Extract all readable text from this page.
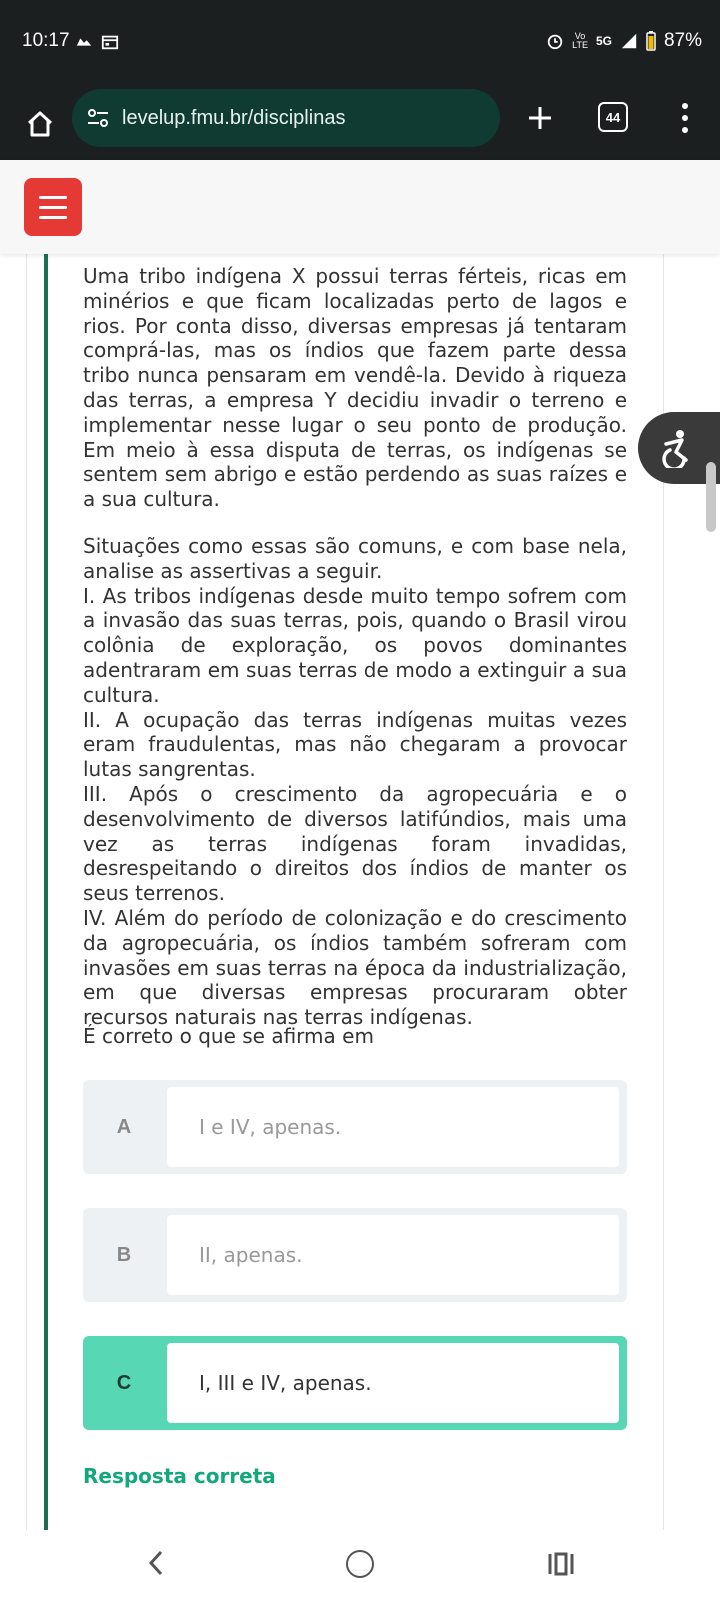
10:17	Vo
LTE 5G	87%
levelup.fmu.br/disciplinas	44

Uma tribo indígena X possui terras férteis, ricas em minérios e que ficam localizadas perto de lagos e rios. Por conta disso, diversas empresas já tentaram comprá-las, mas os índios que fazem parte dessa tribo nunca pensaram em vendê-la. Devido à riqueza das terras, a empresa Y decidiu invadir o terreno e implementar nesse lugar o seu ponto de produção. Em meio à essa disputa de terras, os indígenas se sentem sem abrigo e estão perdendo as suas raízes e a sua cultura.

Situações como essas são comuns, e com base nela, analise as assertivas a seguir.

I. As tribos indígenas desde muito tempo sofrem com a invasão das suas terras, pois, quando o Brasil virou colônia de exploração, os povos dominantes adentraram em suas terras de modo a extinguir a sua cultura.

II. A ocupação das terras indígenas muitas vezes eram fraudulentas, mas não chegaram a provocar lutas sangrentas.

III. Após o crescimento da agropecuária e o desenvolvimento de diversos latifúndios, mais uma vez as terras indígenas foram invadidas, desrespeitando o direitos dos índios de manter os seus terrenos.

IV. Além do período de colonização e do crescimento da agropecuária, os índios também sofreram com invasões em suas terras na época da industrialização, em que diversas empresas procuraram obter recursos naturais nas terras indígenas.

É correto o que se afirma em
A	I e IV, apenas.
B	II, apenas.
C	I, III e IV, apenas.
Resposta correta
